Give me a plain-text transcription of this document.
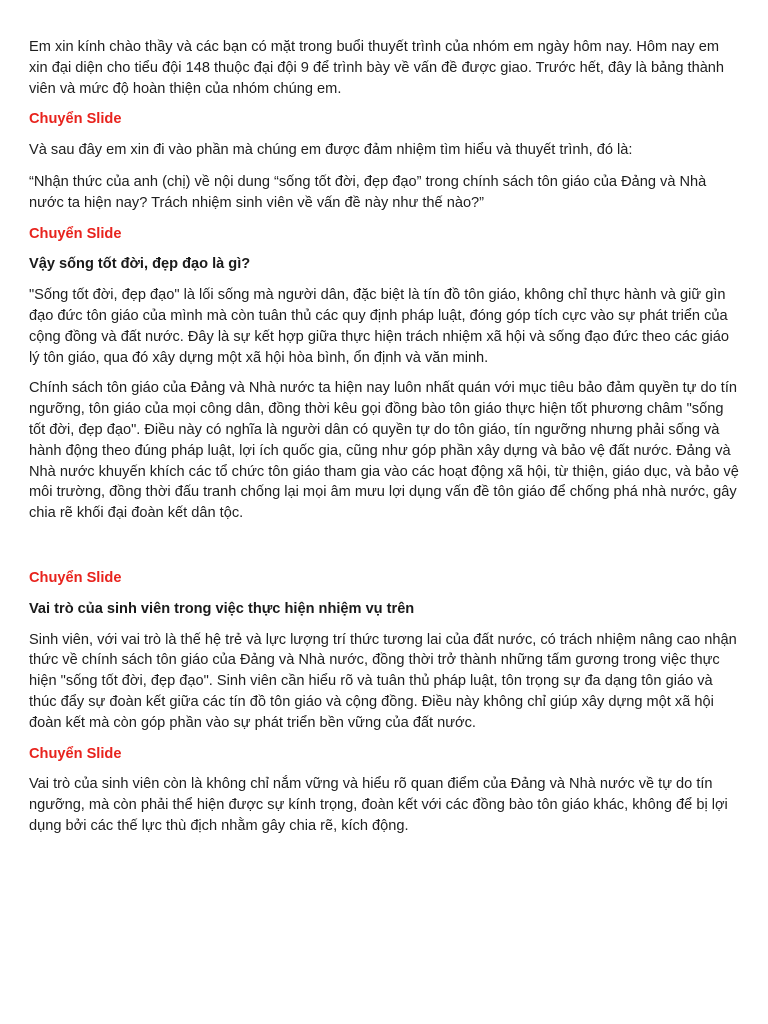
Em xin kính chào thầy và các bạn có mặt trong buổi thuyết trình của nhóm em ngày hôm nay. Hôm nay em xin đại diện cho tiểu đội 148 thuộc đại đội 9 để trình bày về vấn đề được giao. Trước hết, đây là bảng thành viên và mức độ hoàn thiện của nhóm chúng em.

Chuyển Slide

Và sau đây em xin đi vào phần mà chúng em được đảm nhiệm tìm hiểu và thuyết trình, đó là:

“Nhận thức của anh (chị) về nội dung “sống tốt đời, đẹp đạo” trong chính sách tôn giáo của Đảng và Nhà nước ta hiện nay? Trách nhiệm sinh viên về vấn đề này như thế nào?”

Chuyển Slide

Vậy sống tốt đời, đẹp đạo là gì?

"Sống tốt đời, đẹp đạo" là lối sống mà người dân, đặc biệt là tín đồ tôn giáo, không chỉ thực hành và giữ gìn đạo đức tôn giáo của mình mà còn tuân thủ các quy định pháp luật, đóng góp tích cực vào sự phát triển của cộng đồng và đất nước. Đây là sự kết hợp giữa thực hiện trách nhiệm xã hội và sống đạo đức theo các giáo lý tôn giáo, qua đó xây dựng một xã hội hòa bình, ổn định và văn minh.

Chính sách tôn giáo của Đảng và Nhà nước ta hiện nay luôn nhất quán với mục tiêu bảo đảm quyền tự do tín ngưỡng, tôn giáo của mọi công dân, đồng thời kêu gọi đồng bào tôn giáo thực hiện tốt phương châm "sống tốt đời, đẹp đạo". Điều này có nghĩa là người dân có quyền tự do tôn giáo, tín ngưỡng nhưng phải sống và hành động theo đúng pháp luật, lợi ích quốc gia, cũng như góp phần xây dựng và bảo vệ đất nước. Đảng và Nhà nước khuyến khích các tổ chức tôn giáo tham gia vào các hoạt động xã hội, từ thiện, giáo dục, và bảo vệ môi trường, đồng thời đấu tranh chống lại mọi âm mưu lợi dụng vấn đề tôn giáo để chống phá nhà nước, gây chia rẽ khối đại đoàn kết dân tộc.

Chuyển Slide

Vai trò của sinh viên trong việc thực hiện nhiệm vụ trên

Sinh viên, với vai trò là thế hệ trẻ và lực lượng trí thức tương lai của đất nước, có trách nhiệm nâng cao nhận thức về chính sách tôn giáo của Đảng và Nhà nước, đồng thời trở thành những tấm gương trong việc thực hiện "sống tốt đời, đẹp đạo". Sinh viên cần hiểu rõ và tuân thủ pháp luật, tôn trọng sự đa dạng tôn giáo và thúc đẩy sự đoàn kết giữa các tín đồ tôn giáo và cộng đồng. Điều này không chỉ giúp xây dựng một xã hội đoàn kết mà còn góp phần vào sự phát triển bền vững của đất nước.

Chuyển Slide

Vai trò của sinh viên còn là không chỉ nắm vững và hiểu rõ quan điểm của Đảng và Nhà nước về tự do tín ngưỡng, mà còn phải thể hiện được sự kính trọng, đoàn kết với các đồng bào tôn giáo khác, không để bị lợi dụng bởi các thế lực thù địch nhằm gây chia rẽ, kích động.
